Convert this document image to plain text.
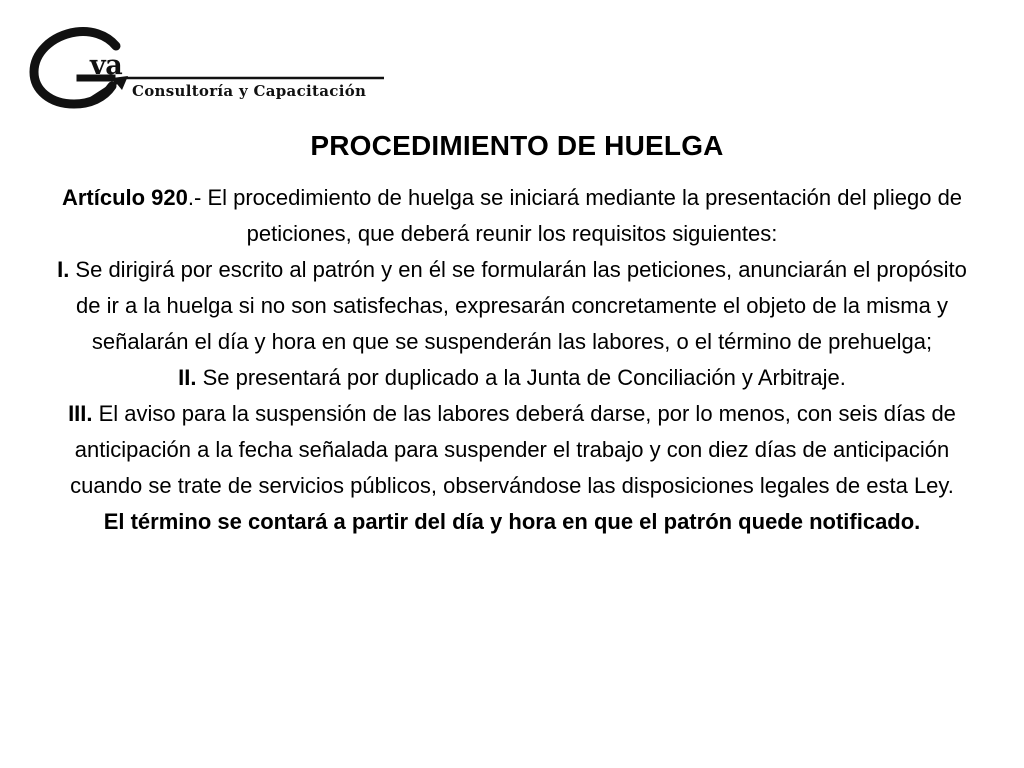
va
Consultoría y Capacitación
PROCEDIMIENTO DE HUELGA

Artículo 920.- El procedimiento de huelga se iniciará mediante la presentación del pliego de peticiones, que deberá reunir los requisitos siguientes:

I. Se dirigirá por escrito al patrón y en él se formularán las peticiones, anunciarán el propósito de ir a la huelga si no son satisfechas, expresarán concretamente el objeto de la misma y señalarán el día y hora en que se suspenderán las labores, o el término de prehuelga;

II. Se presentará por duplicado a la Junta de Conciliación y Arbitraje.

III. El aviso para la suspensión de las labores deberá darse, por lo menos, con seis días de anticipación a la fecha señalada para suspender el trabajo y con diez días de anticipación cuando se trate de servicios públicos, observándose las disposiciones legales de esta Ley.

El término se contará a partir del día y hora en que el patrón quede notificado.
